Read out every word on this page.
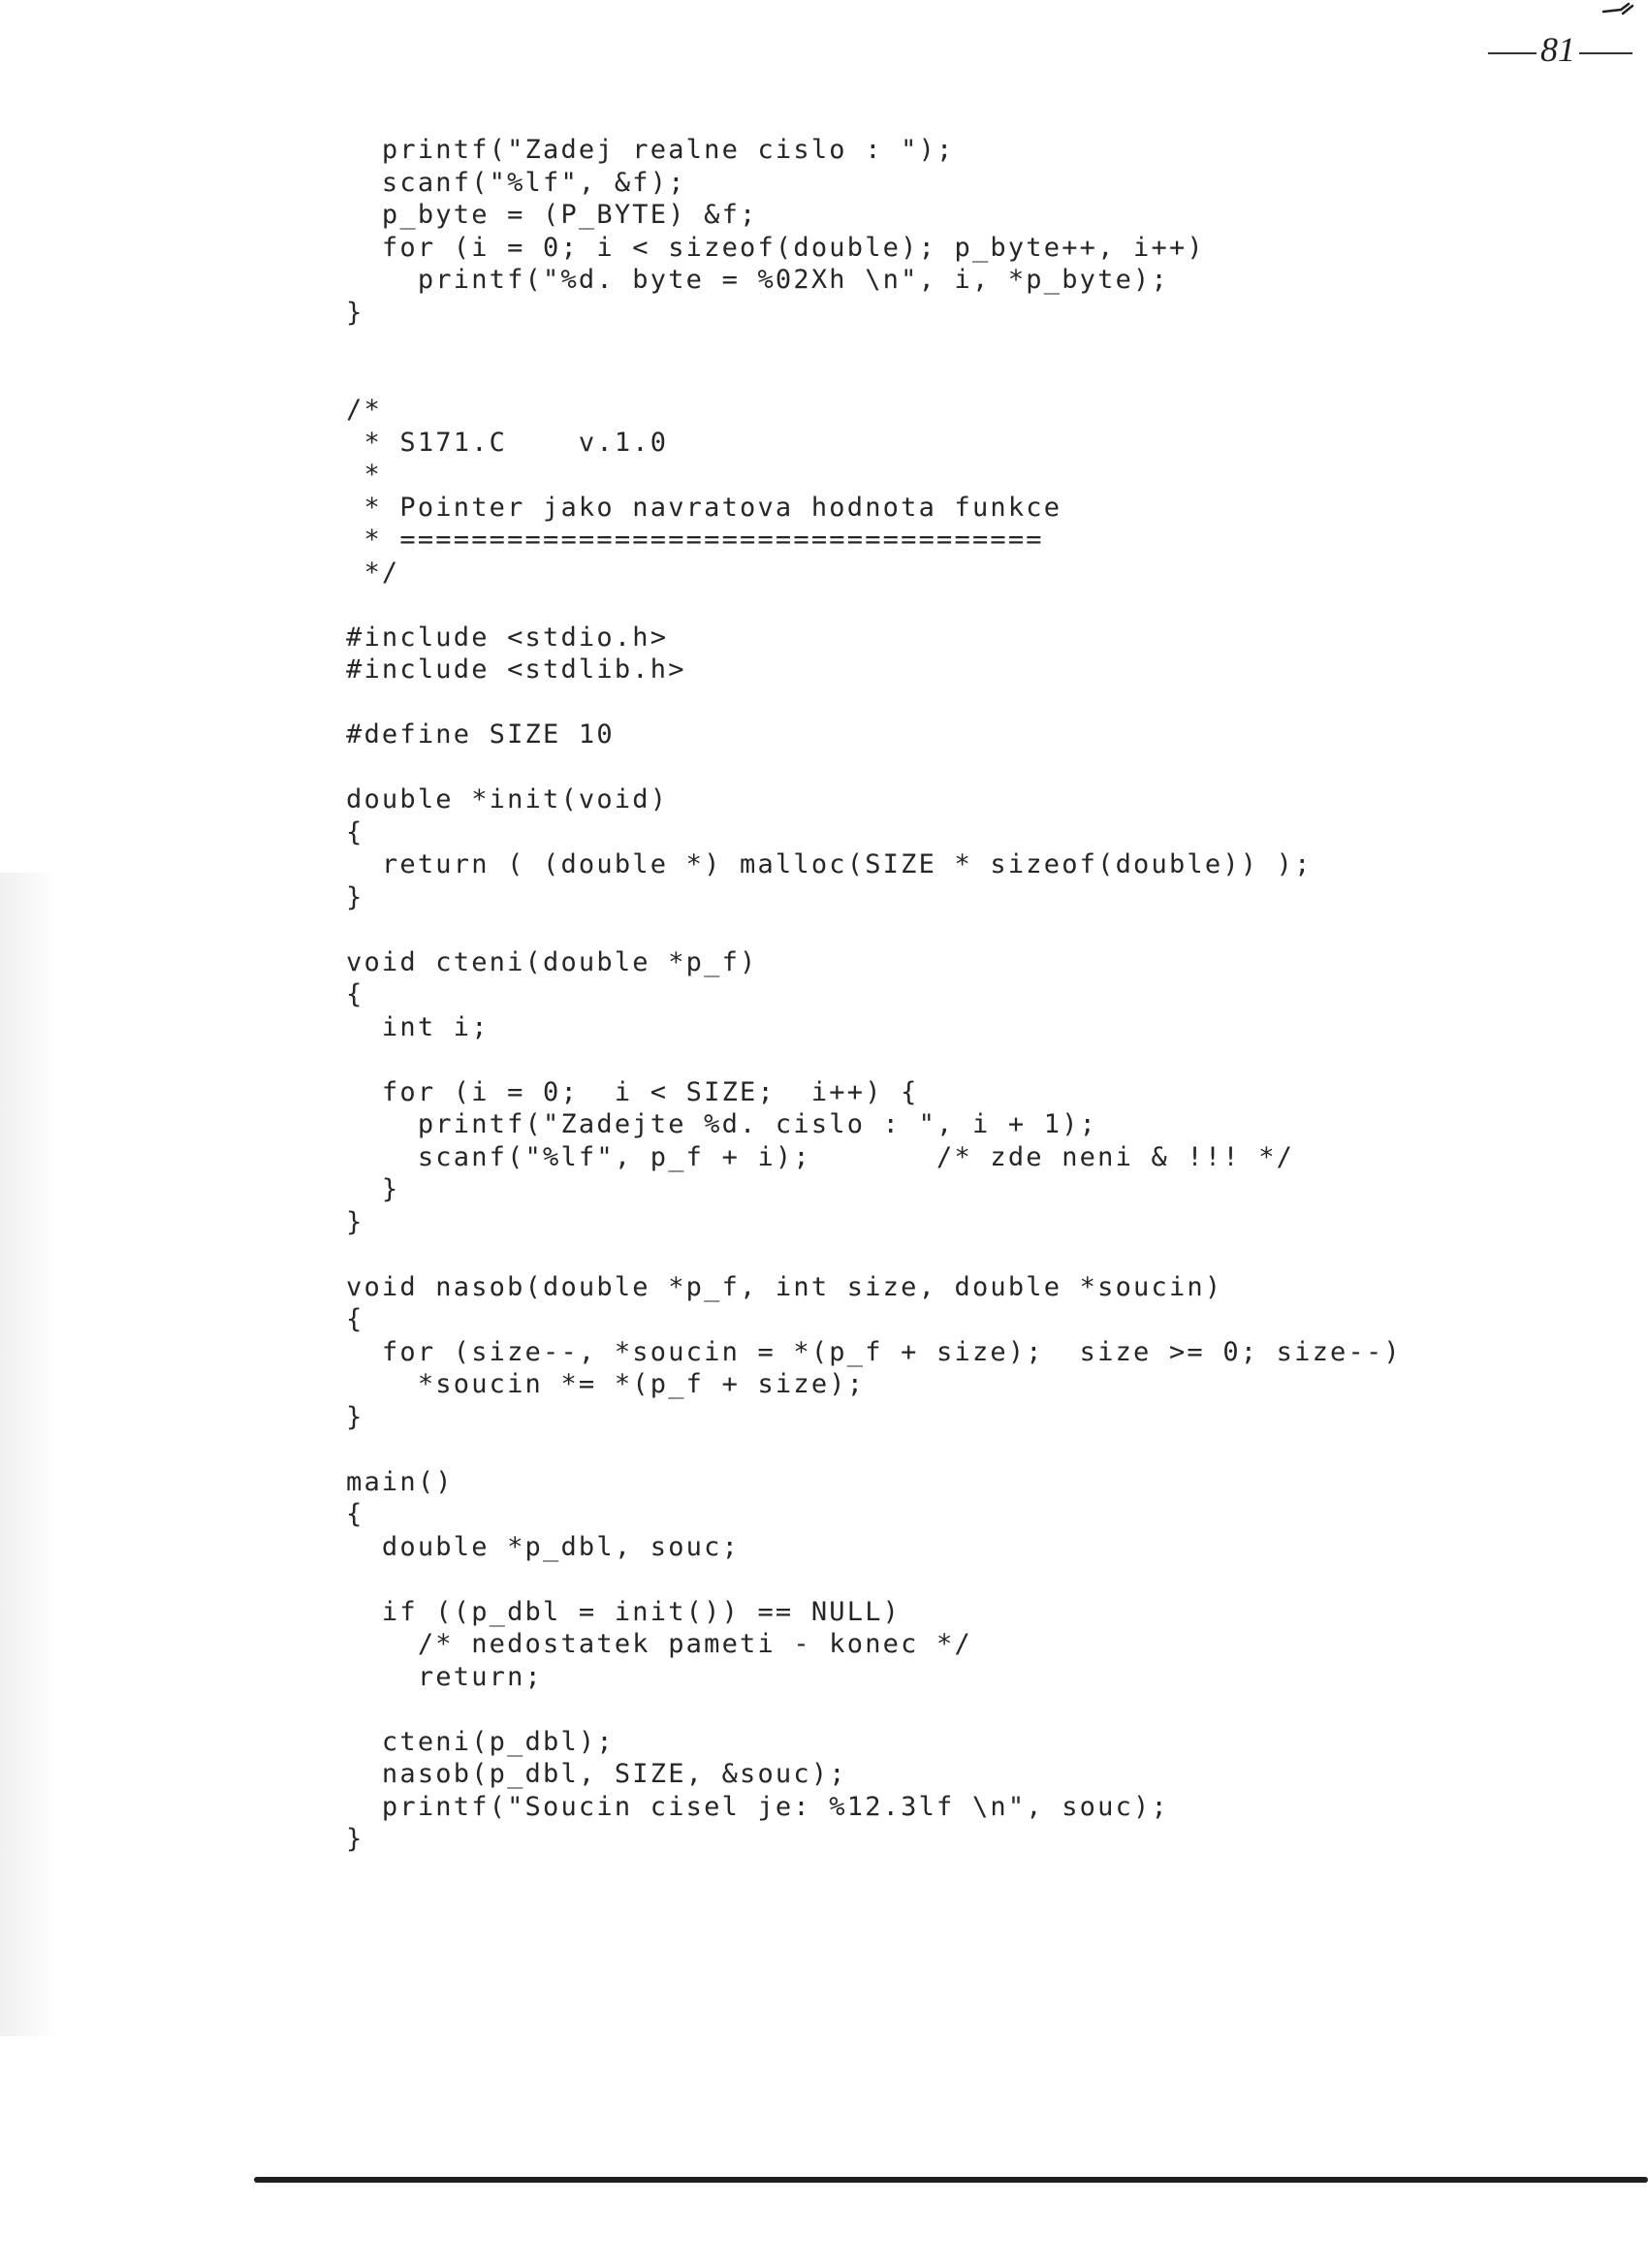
81
printf("Zadej realne cislo : ");
scanf("%lf", &f);
p_byte = (P_BYTE) &f;
for (i = 0; i < sizeof(double); p_byte++, i++)
printf("%d. byte = %02Xh \n", i, *p_byte);
}
/*
* S171.C    v.1.0
*
* Pointer jako navratova hodnota funkce
* ====================================
*/
#include <stdio.h>
#include <stdlib.h>
#define SIZE 10
double *init(void)
{
return ( (double *) malloc(SIZE * sizeof(double)) );
}
void cteni(double *p_f)
{
int i;
for (i = 0;  i < SIZE;  i++) {
printf("Zadejte %d. cislo : ", i + 1);
scanf("%lf", p_f + i);       /* zde neni & !!! */
}
}
void nasob(double *p_f, int size, double *soucin)
{
for (size--, *soucin = *(p_f + size);  size >= 0; size--)
*soucin *= *(p_f + size);
}
main()
{
double *p_dbl, souc;
if ((p_dbl = init()) == NULL)
/* nedostatek pameti - konec */
return;
cteni(p_dbl);
nasob(p_dbl, SIZE, &souc);
printf("Soucin cisel je: %12.3lf \n", souc);
}
